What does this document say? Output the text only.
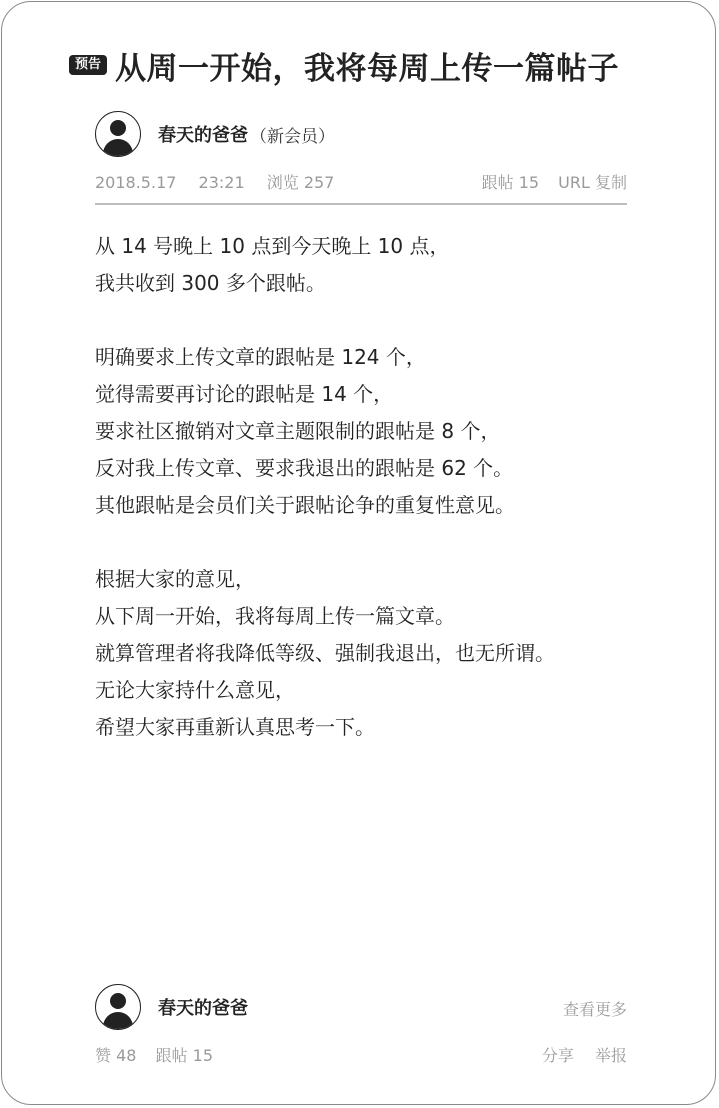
预告 从周一开始，我将每周上传一篇帖子
春天的爸爸 （新会员）
2018.5.17 23:21 浏览 257	跟帖 15 URL 复制

从 14 号晚上 10 点到今天晚上 10 点，

我共收到 300 多个跟帖。

明确要求上传文章的跟帖是 124 个，

觉得需要再讨论的跟帖是 14 个，

要求社区撤销对文章主题限制的跟帖是 8 个，

反对我上传文章、要求我退出的跟帖是 62 个。

其他跟帖是会员们关于跟帖论争的重复性意见。

根据大家的意见，

从下周一开始，我将每周上传一篇文章。

就算管理者将我降低等级、强制我退出，也无所谓。

无论大家持什么意见，

希望大家再重新认真思考一下。

春天的爸爸	查看更多
赞 48 跟帖 15	分享 举报
